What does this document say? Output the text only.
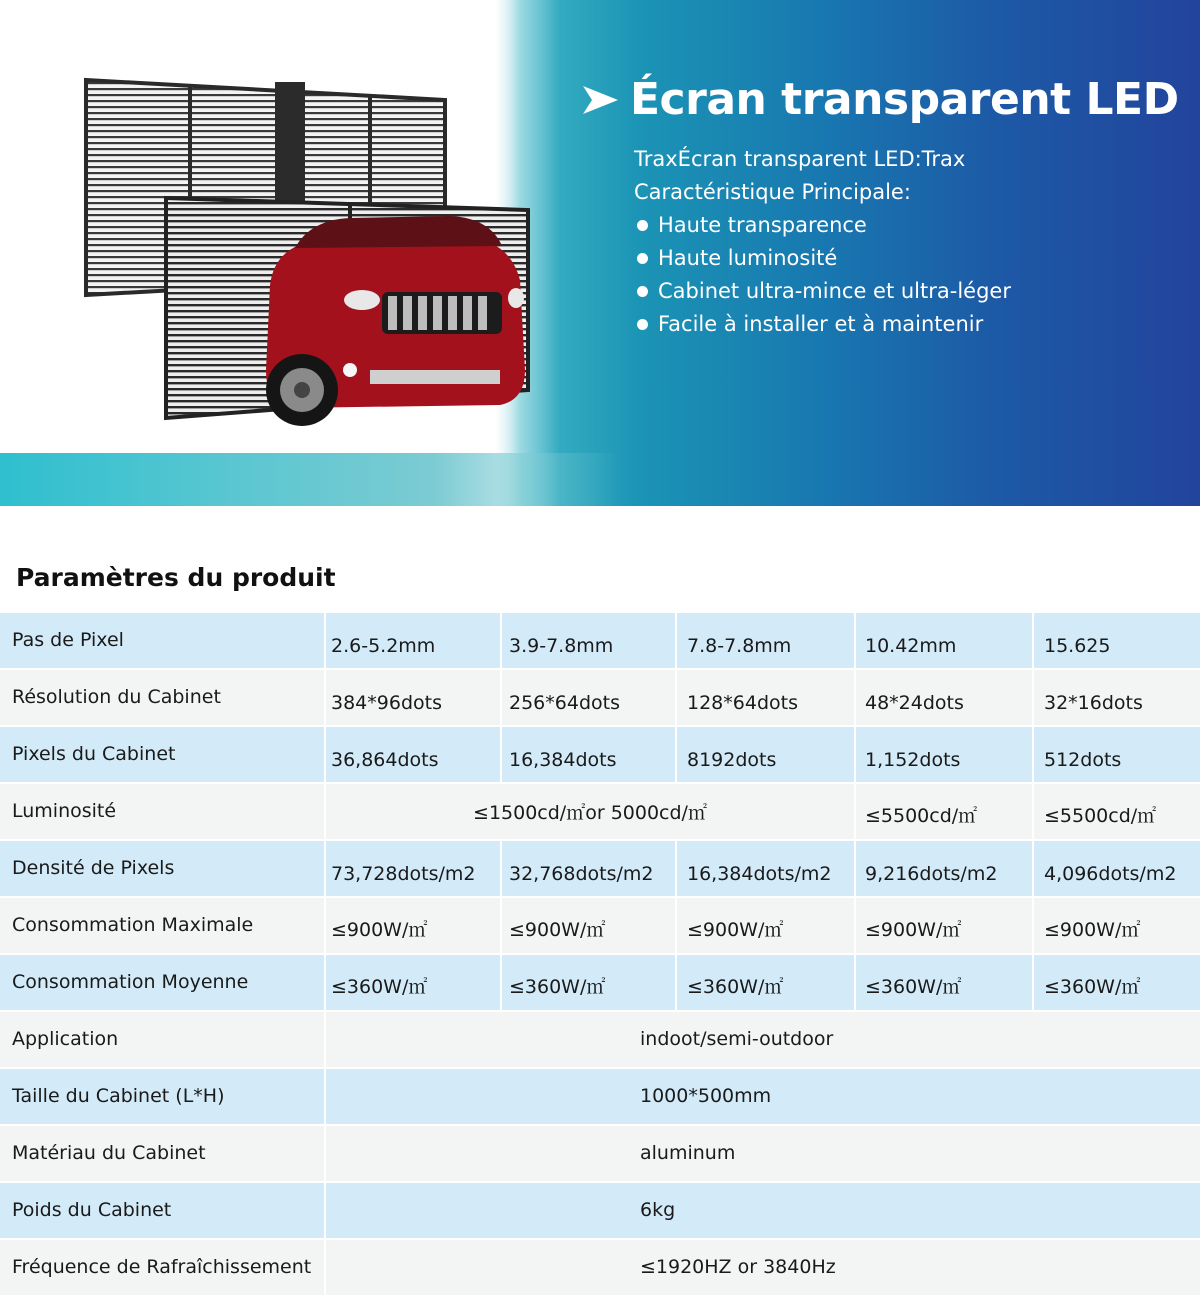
Écran transparent LED
TraxÉcran transparent LED:Trax
Caractéristique Principale:
Haute transparence
Haute luminosité
Cabinet ultra-mince et ultra-léger
Facile à installer et à maintenir
Paramètres du produit
Pas de Pixel	2.6-5.2mm	3.9-7.8mm	7.8-7.8mm	10.42mm	15.625
Résolution du Cabinet	384*96dots	256*64dots	128*64dots	48*24dots	32*16dots
Pixels du Cabinet	36,864dots	16,384dots	8192dots	1,152dots	512dots
Luminosité	≤1500cd/㎡or 5000cd/㎡	≤5500cd/㎡	≤5500cd/㎡
Densité de Pixels	73,728dots/m2	32,768dots/m2	16,384dots/m2	9,216dots/m2	4,096dots/m2
Consommation Maximale	≤900W/㎡	≤900W/㎡	≤900W/㎡	≤900W/㎡	≤900W/㎡
Consommation Moyenne	≤360W/㎡	≤360W/㎡	≤360W/㎡	≤360W/㎡	≤360W/㎡
Application	indoot/semi-outdoor
Taille du Cabinet (L*H)	1000*500mm
Matériau du Cabinet	aluminum
Poids du Cabinet	6kg
Fréquence de Rafraîchissement	≤1920HZ or 3840Hz
